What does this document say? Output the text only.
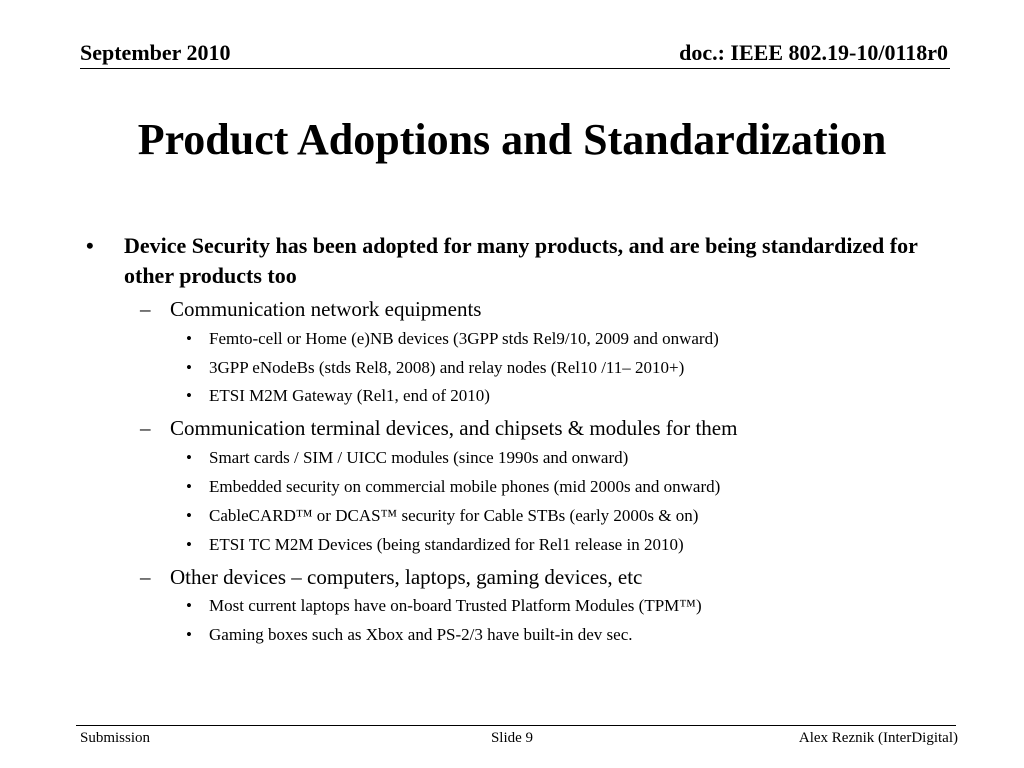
September 2010	doc.: IEEE 802.19-10/0118r0
Product Adoptions and Standardization
• Device Security has been adopted for many products, and are being standardized for other products too
– Communication network equipments
• Femto-cell or Home (e)NB devices (3GPP stds Rel9/10, 2009 and onward)
• 3GPP eNodeBs (stds Rel8, 2008) and relay nodes (Rel10 /11– 2010+)
• ETSI M2M Gateway (Rel1, end of 2010)
– Communication terminal devices, and chipsets & modules for them
• Smart cards / SIM / UICC modules (since 1990s and onward)
• Embedded security on commercial mobile phones (mid 2000s and onward)
• CableCARD™ or DCAS™ security for Cable STBs (early 2000s & on)
• ETSI TC M2M Devices (being standardized for Rel1 release in 2010)
– Other devices – computers, laptops, gaming devices, etc
• Most current laptops have on-board Trusted Platform Modules (TPM™)
• Gaming boxes such as Xbox and PS-2/3 have built-in dev sec.
Submission	Slide 9	Alex Reznik (InterDigital)
